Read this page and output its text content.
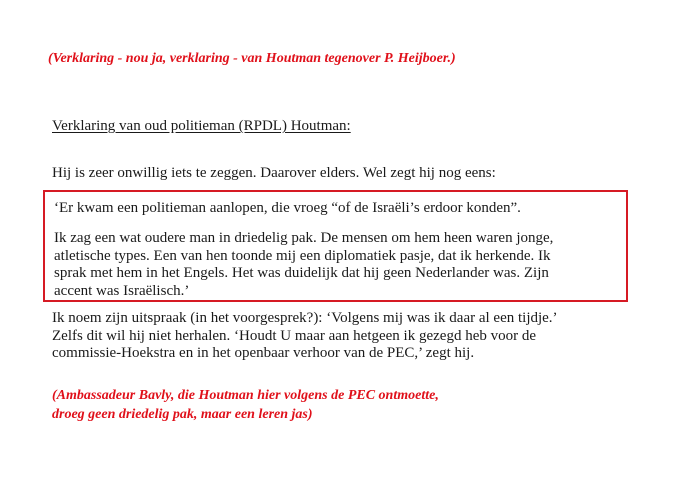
(Verklaring - nou ja, verklaring - van Houtman tegenover P. Heijboer.)
Verklaring van oud politieman (RPDL) Houtman:
Hij is zeer onwillig iets te zeggen. Daarover elders. Wel zegt hij nog eens:
‘Er kwam een politieman aanlopen, die vroeg “of de Israëli’s erdoor konden”.
Ik zag een wat oudere man in driedelig pak. De mensen om hem heen waren jonge,
atletische types. Een van hen toonde mij een diplomatiek pasje, dat ik herkende. Ik
sprak met hem in het Engels. Het was duidelijk dat hij geen Nederlander was. Zijn
accent was Israëlisch.’
Ik noem zijn uitspraak (in het voorgesprek?): ‘Volgens mij was ik daar al een tijdje.’
Zelfs dit wil hij niet herhalen. ‘Houdt U maar aan hetgeen ik gezegd heb voor de
commissie-Hoekstra en in het openbaar verhoor van de PEC,’ zegt hij.
(Ambassadeur Bavly, die Houtman hier volgens de PEC ontmoette,
droeg geen driedelig pak, maar een leren jas)
